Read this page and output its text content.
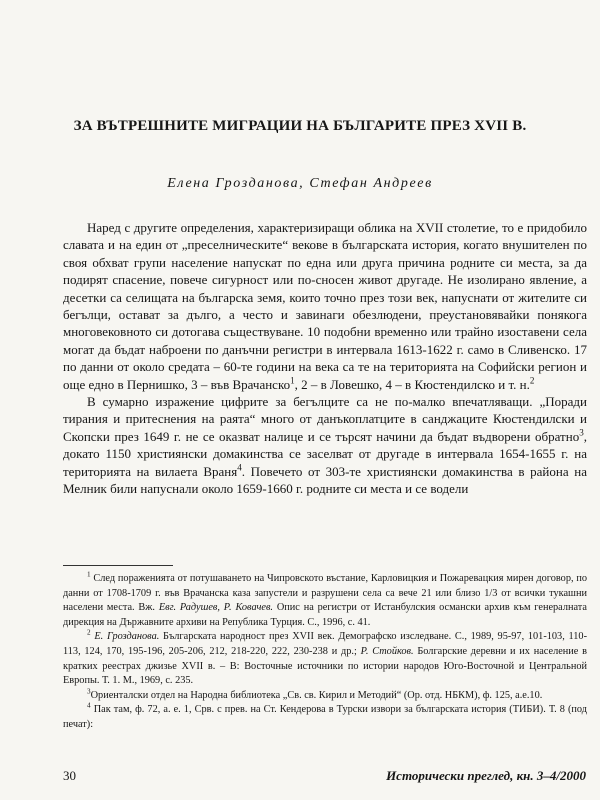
ЗА ВЪТРЕШНИТЕ МИГРАЦИИ НА БЪЛГАРИТЕ ПРЕЗ XVII В.
Елена Грозданова, Стефан Андреев

Наред с другите определения, характеризиращи облика на XVII столетие, то е придобило славата и на един от „преселническите“ векове в българската история, когато внушителен по своя обхват групи население напускат по една или друга причина родните си места, за да подирят спасение, повече сигурност или по-сносен живот другаде. Не изолирано явление, а десетки са селищата на българска земя, които точно през този век, напуснати от жителите си бегълци, остават за дълго, а често и завинаги обезлюдени, преустановявайки понякога многовековното си дотогава съществуване. 10 подобни временно или трайно изоставени села могат да бъдат наброени по данъчни регистри в интервала 1613-1622 г. само в Сливенско. 17 по данни от около средата – 60-те години на века са те на територията на Софийски регион и още едно в Пернишко, 3 – във Врачанско$^1$, 2 – в Ловешко, 4 – в Кюстендилско и т. н.$^2$

В сумарно изражение цифрите за бегълците са не по-малко впечатляващи. „Поради тирания и притеснения на раята“ много от данъкоплатците в санджаците Кюстендилски и Скопски през 1649 г. не се оказват налице и се търсят начини да бъдат въдворени обратно$^3$, докато 1150 християнски домакинства се заселват от другаде в интервала 1654-1655 г. на територията на вилаета Враня$^4$. Повечето от 303-те християнски домакинства в района на Мелник били напуснали около 1659-1660 г. родните си места и се водели

$^1$ След пораженията от потушаването на Чипровското въстание, Карловицкия и Пожаревацкия мирен договор, по данни от 1708-1709 г. във Врачанска каза запустели и разрушени села са вече 21 или близо 1/3 от всички тукашни населени места. Вж. Евг. Радушев, Р. Ковачев. Опис на регистри от Истанбулския османски архив към генералната дирекция на Държавните архиви на Република Турция. С., 1996, с. 41.

$^2$ Е. Грозданова. Българската народност през XVII век. Демографско изследване. С., 1989, 95-97, 101-103, 110-113, 124, 170, 195-196, 205-206, 212, 218-220, 222, 230-238 и др.; Р. Стойков. Болгарские деревни и их население в кратких реестрах джизье XVII в. – В: Восточные источники по истории народов Юго-Восточной и Центральной Европы. Т. 1. М., 1969, с. 235.

$^3$Ориенталски отдел на Народна библиотека „Св. св. Кирил и Методий“ (Ор. отд. НБКМ), ф. 125, а.е.10.

$^4$ Пак там, ф. 72, а. е. 1, Срв. с прев. на Ст. Кендерова в Турски извори за българската история (ТИБИ). Т. 8 (под печат):

30	Исторически преглед, кн. 3–4/2000
